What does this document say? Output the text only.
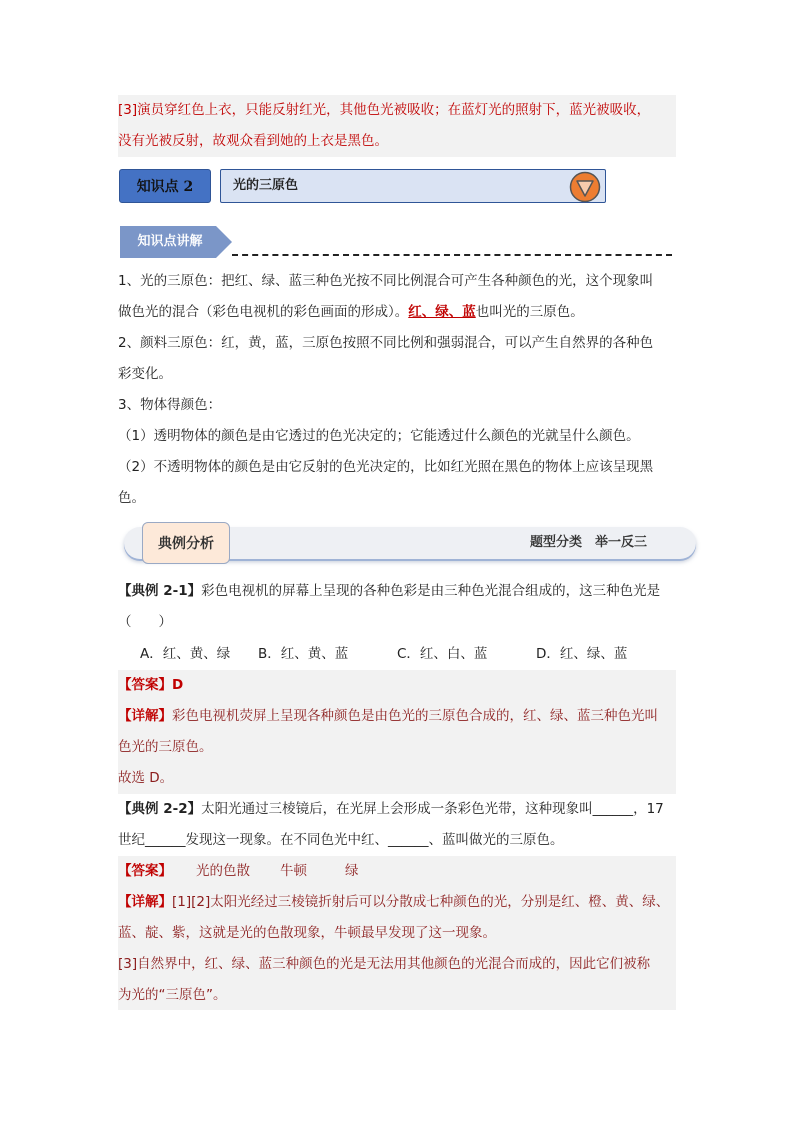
[3]演员穿红色上衣，只能反射红光，其他色光被吸收；在蓝灯光的照射下，蓝光被吸收，
没有光被反射，故观众看到她的上衣是黑色。
知识点 2	光的三原色
知识点讲解
1、光的三原色：把红、绿、蓝三种色光按不同比例混合可产生各种颜色的光，这个现象叫
做色光的混合（彩色电视机的彩色画面的形成）。红、绿、蓝也叫光的三原色。
2、颜料三原色：红，黄，蓝，三原色按照不同比例和强弱混合，可以产生自然界的各种色
彩变化。
3、物体得颜色：
（1）透明物体的颜色是由它透过的色光决定的；它能透过什么颜色的光就呈什么颜色。
（2）不透明物体的颜色是由它反射的色光决定的，比如红光照在黑色的物体上应该呈现黑
色。
典例分析	题型分类　举一反三
【典例 2-1】彩色电视机的屏幕上呈现的各种色彩是由三种色光混合组成的，这三种色光是
（　　）
A．红、黄、绿 B．红、黄、蓝	C．红、白、蓝	D．红、绿、蓝
【答案】D
【详解】彩色电视机荧屏上呈现各种颜色是由色光的三原色合成的，红、绿、蓝三种色光叫
色光的三原色。
故选 D。
【典例 2-2】太阳光通过三棱镜后，在光屏上会形成一条彩色光带，这种现象叫______，17
世纪______发现这一现象。在不同色光中红、______、蓝叫做光的三原色。
【答案】 光的色散 牛顿	绿
【详解】[1][2]太阳光经过三棱镜折射后可以分散成七种颜色的光，分别是红、橙、黄、绿、
蓝、靛、紫，这就是光的色散现象，牛顿最早发现了这一现象。
[3]自然界中，红、绿、蓝三种颜色的光是无法用其他颜色的光混合而成的，因此它们被称
为光的“三原色”。
